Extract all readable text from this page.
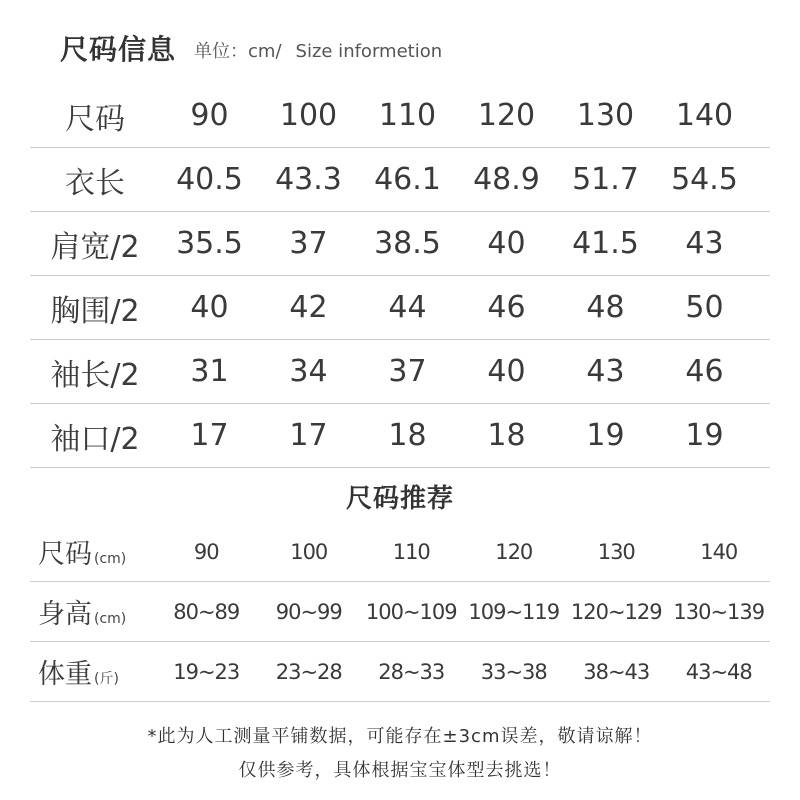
尺码信息 单位：cm/ Size informetion
尺码	90	100	110	120	130	140
衣长	40.5	43.3	46.1	48.9	51.7	54.5
肩宽/2	35.5	37	38.5	40	41.5	43
胸围/2	40	42	44	46	48	50
袖长/2	31	34	37	40	43	46
袖口/2	17	17	18	18	19	19
尺码推荐
尺码 (cm)	90	100	110	120	130	140
身高 (cm)	80~89	90~99	100~109 109~119 120~129 130~139
体重 (斤)	19~23	23~28	28~33	33~38	38~43	43~48
*此为人工测量平铺数据，可能存在±3cm误差，敬请谅解！
仅供参考，具体根据宝宝体型去挑选！
